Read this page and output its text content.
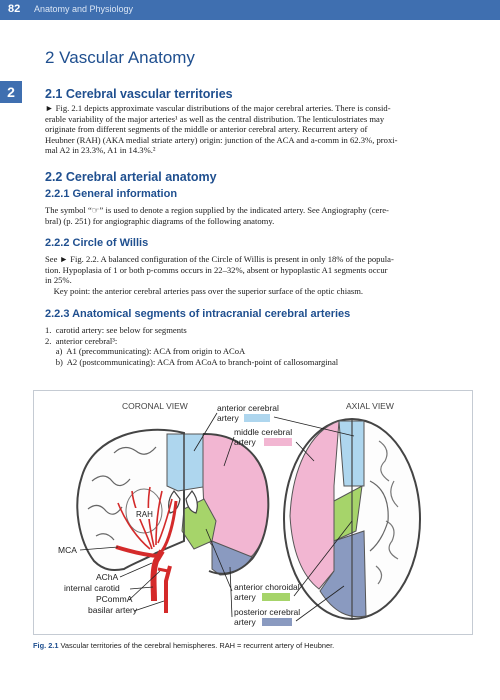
82 Anatomy and Physiology
2
2 Vascular Anatomy
2.1 Cerebral vascular territories
► Fig. 2.1 depicts approximate vascular distributions of the major cerebral arteries. There is consid-
erable variability of the major arteries¹ as well as the central distribution. The lenticulostriates may
originate from different segments of the middle or anterior cerebral artery. Recurrent artery of
Heubner (RAH) (AKA medial striate artery) origin: junction of the ACA and a-comm in 62.3%, proxi-
mal A2 in 23.3%, A1 in 14.3%.²
2.2 Cerebral arterial anatomy
2.2.1 General information
The symbol “☞” is used to denote a region supplied by the indicated artery. See Angiography (cere-
bral) (p. 251) for angiographic diagrams of the following anatomy.
2.2.2 Circle of Willis
See ► Fig. 2.2. A balanced configuration of the Circle of Willis is present in only 18% of the popula-
tion. Hypoplasia of 1 or both p-comms occurs in 22–32%, absent or hypoplastic A1 segments occur
in 25%.
Key point: the anterior cerebral arteries pass over the superior surface of the optic chiasm.
2.2.3 Anatomical segments of intracranial cerebral arteries
1.  carotid artery: see below for segments
2.  anterior cerebral³:
a)  A1 (precommunicating): ACA from origin to ACoA
b)  A2 (postcommunicating): ACA from ACoA to branch-point of callosomarginal
CORONAL VIEW	AXIAL VIEW
anterior cerebral
artery
middle cerebral
artery
anterior choroidal
artery
posterior cerebral
artery
RAH
MCA
AChA
internal carotid
PCommA
basilar artery
Fig. 2.1 Vascular territories of the cerebral hemispheres. RAH = recurrent artery of Heubner.
